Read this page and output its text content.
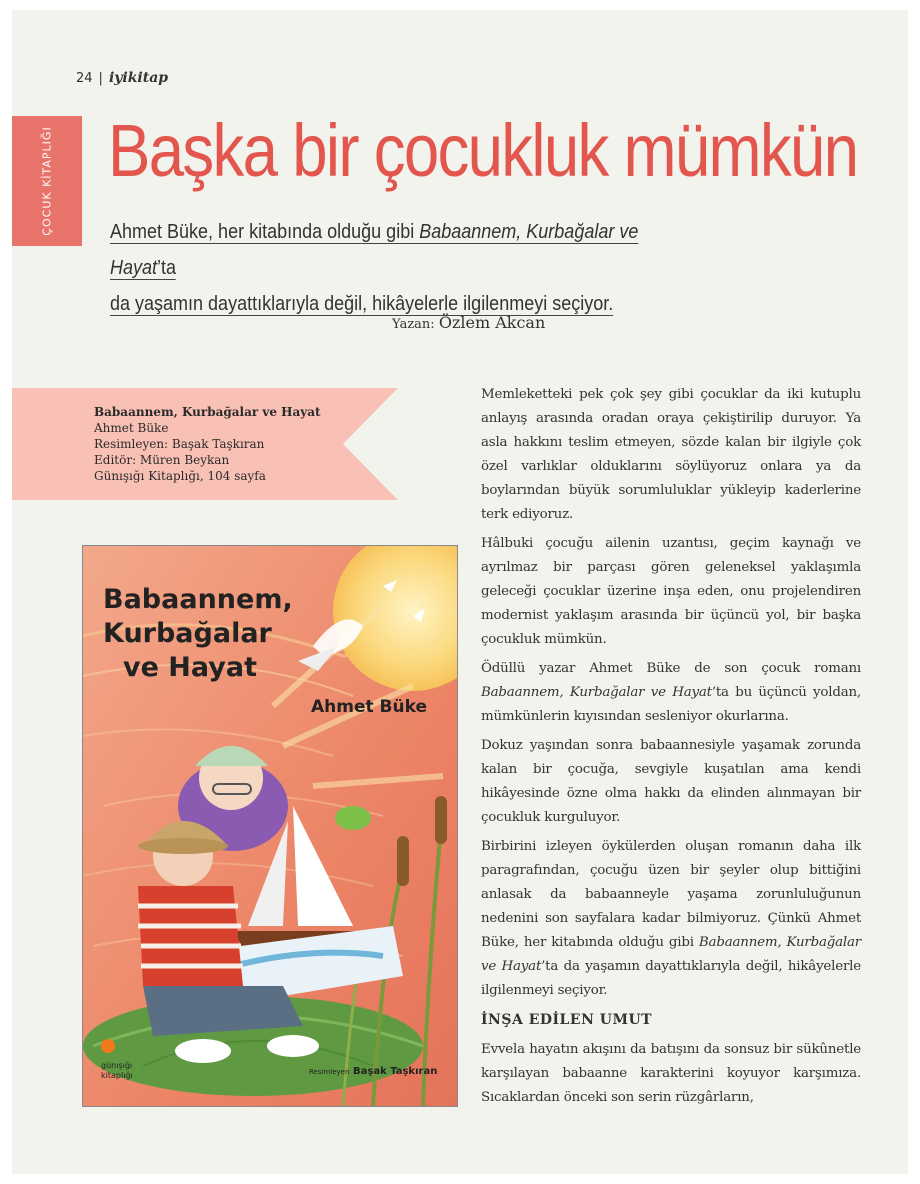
24 | iyikitap
ÇOCUK KİTAPLIĞI Başka bir çocukluk mümkün
Ahmet Büke, her kitabında olduğu gibi Babaannem, Kurbağalar ve Hayat’ta
da yaşamın dayattıklarıyla değil, hikâyelerle ilgilenmeyi seçiyor.
Yazan: Özlem Akcan
Babaannem, Kurbağalar ve Hayat
Ahmet Büke
Resimleyen: Başak Taşkıran
Editör: Müren Beykan
Günışığı Kitaplığı, 104 sayfa
Babaannem,
Kurbağalar
ve Hayat
Ahmet Büke
günışığı
kitaplığı	Resimleyen Başak Taşkıran

Memleketteki pek çok şey gibi çocuklar da iki kutuplu anlayış arasında oradan oraya çekiştirilip duruyor. Ya asla hakkını teslim etmeyen, sözde kalan bir ilgiyle çok özel varlıklar olduklarını söylüyoruz onlara ya da boylarından büyük sorumluluklar yükleyip kaderlerine terk ediyoruz.

Hâlbuki çocuğu ailenin uzantısı, geçim kaynağı ve ayrılmaz bir parçası gören geleneksel yaklaşımla geleceği çocuklar üzerine inşa eden, onu projelendiren modernist yaklaşım arasında bir üçüncü yol, bir başka çocukluk mümkün.

Ödüllü yazar Ahmet Büke de son çocuk romanı Babaannem, Kurbağalar ve Hayat’ta bu üçüncü yoldan, mümkünlerin kıyısından sesleniyor okurlarına.

Dokuz yaşından sonra babaannesiyle yaşamak zorunda kalan bir çocuğa, sevgiyle kuşatılan ama kendi hikâyesinde özne olma hakkı da elinden alınmayan bir çocukluk kurguluyor.

Birbirini izleyen öykülerden oluşan romanın daha ilk paragrafından, çocuğu üzen bir şeyler olup bittiğini anlasak da babaanneyle yaşama zorunluluğunun nedenini son sayfalara kadar bilmiyoruz. Çünkü Ahmet Büke, her kitabında olduğu gibi Babaannem, Kurbağalar ve Hayat’ta da yaşamın dayattıklarıyla değil, hikâyelerle ilgilenmeyi seçiyor.

İNŞA EDİLEN UMUT

Evvela hayatın akışını da batışını da sonsuz bir sükûnetle karşılayan babaanne karakterini koyuyor karşımıza. Sıcaklardan önceki son serin rüzgârların,
